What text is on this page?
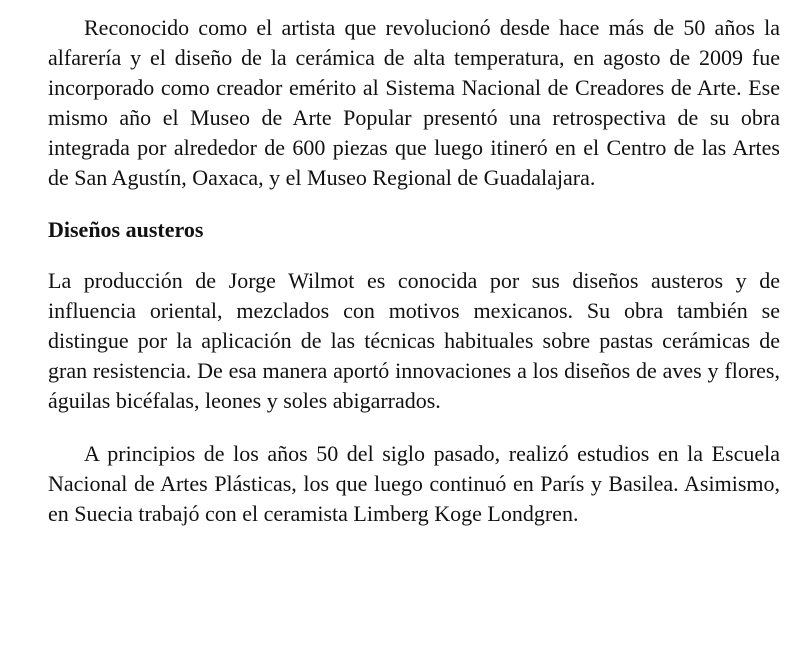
Reconocido como el artista que revolucionó desde hace más de 50 años la alfarería y el diseño de la cerámica de alta temperatura, en agosto de 2009 fue incorporado como creador emérito al Sistema Nacional de Creadores de Arte. Ese mismo año el Museo de Arte Popular presentó una retrospectiva de su obra integrada por alrededor de 600 piezas que luego itineró en el Centro de las Artes de San Agustín, Oaxaca, y el Museo Regional de Guadalajara.

Diseños austeros

La producción de Jorge Wilmot es conocida por sus diseños austeros y de influencia oriental, mezclados con motivos mexicanos. Su obra también se distingue por la aplicación de las técnicas habituales sobre pastas cerámicas de gran resistencia. De esa manera aportó innovaciones a los diseños de aves y flores, águilas bicéfalas, leones y soles abigarrados.

A principios de los años 50 del siglo pasado, realizó estudios en la Escuela Nacional de Artes Plásticas, los que luego continuó en París y Basilea. Asimismo, en Suecia trabajó con el ceramista Limberg Koge Londgren.
